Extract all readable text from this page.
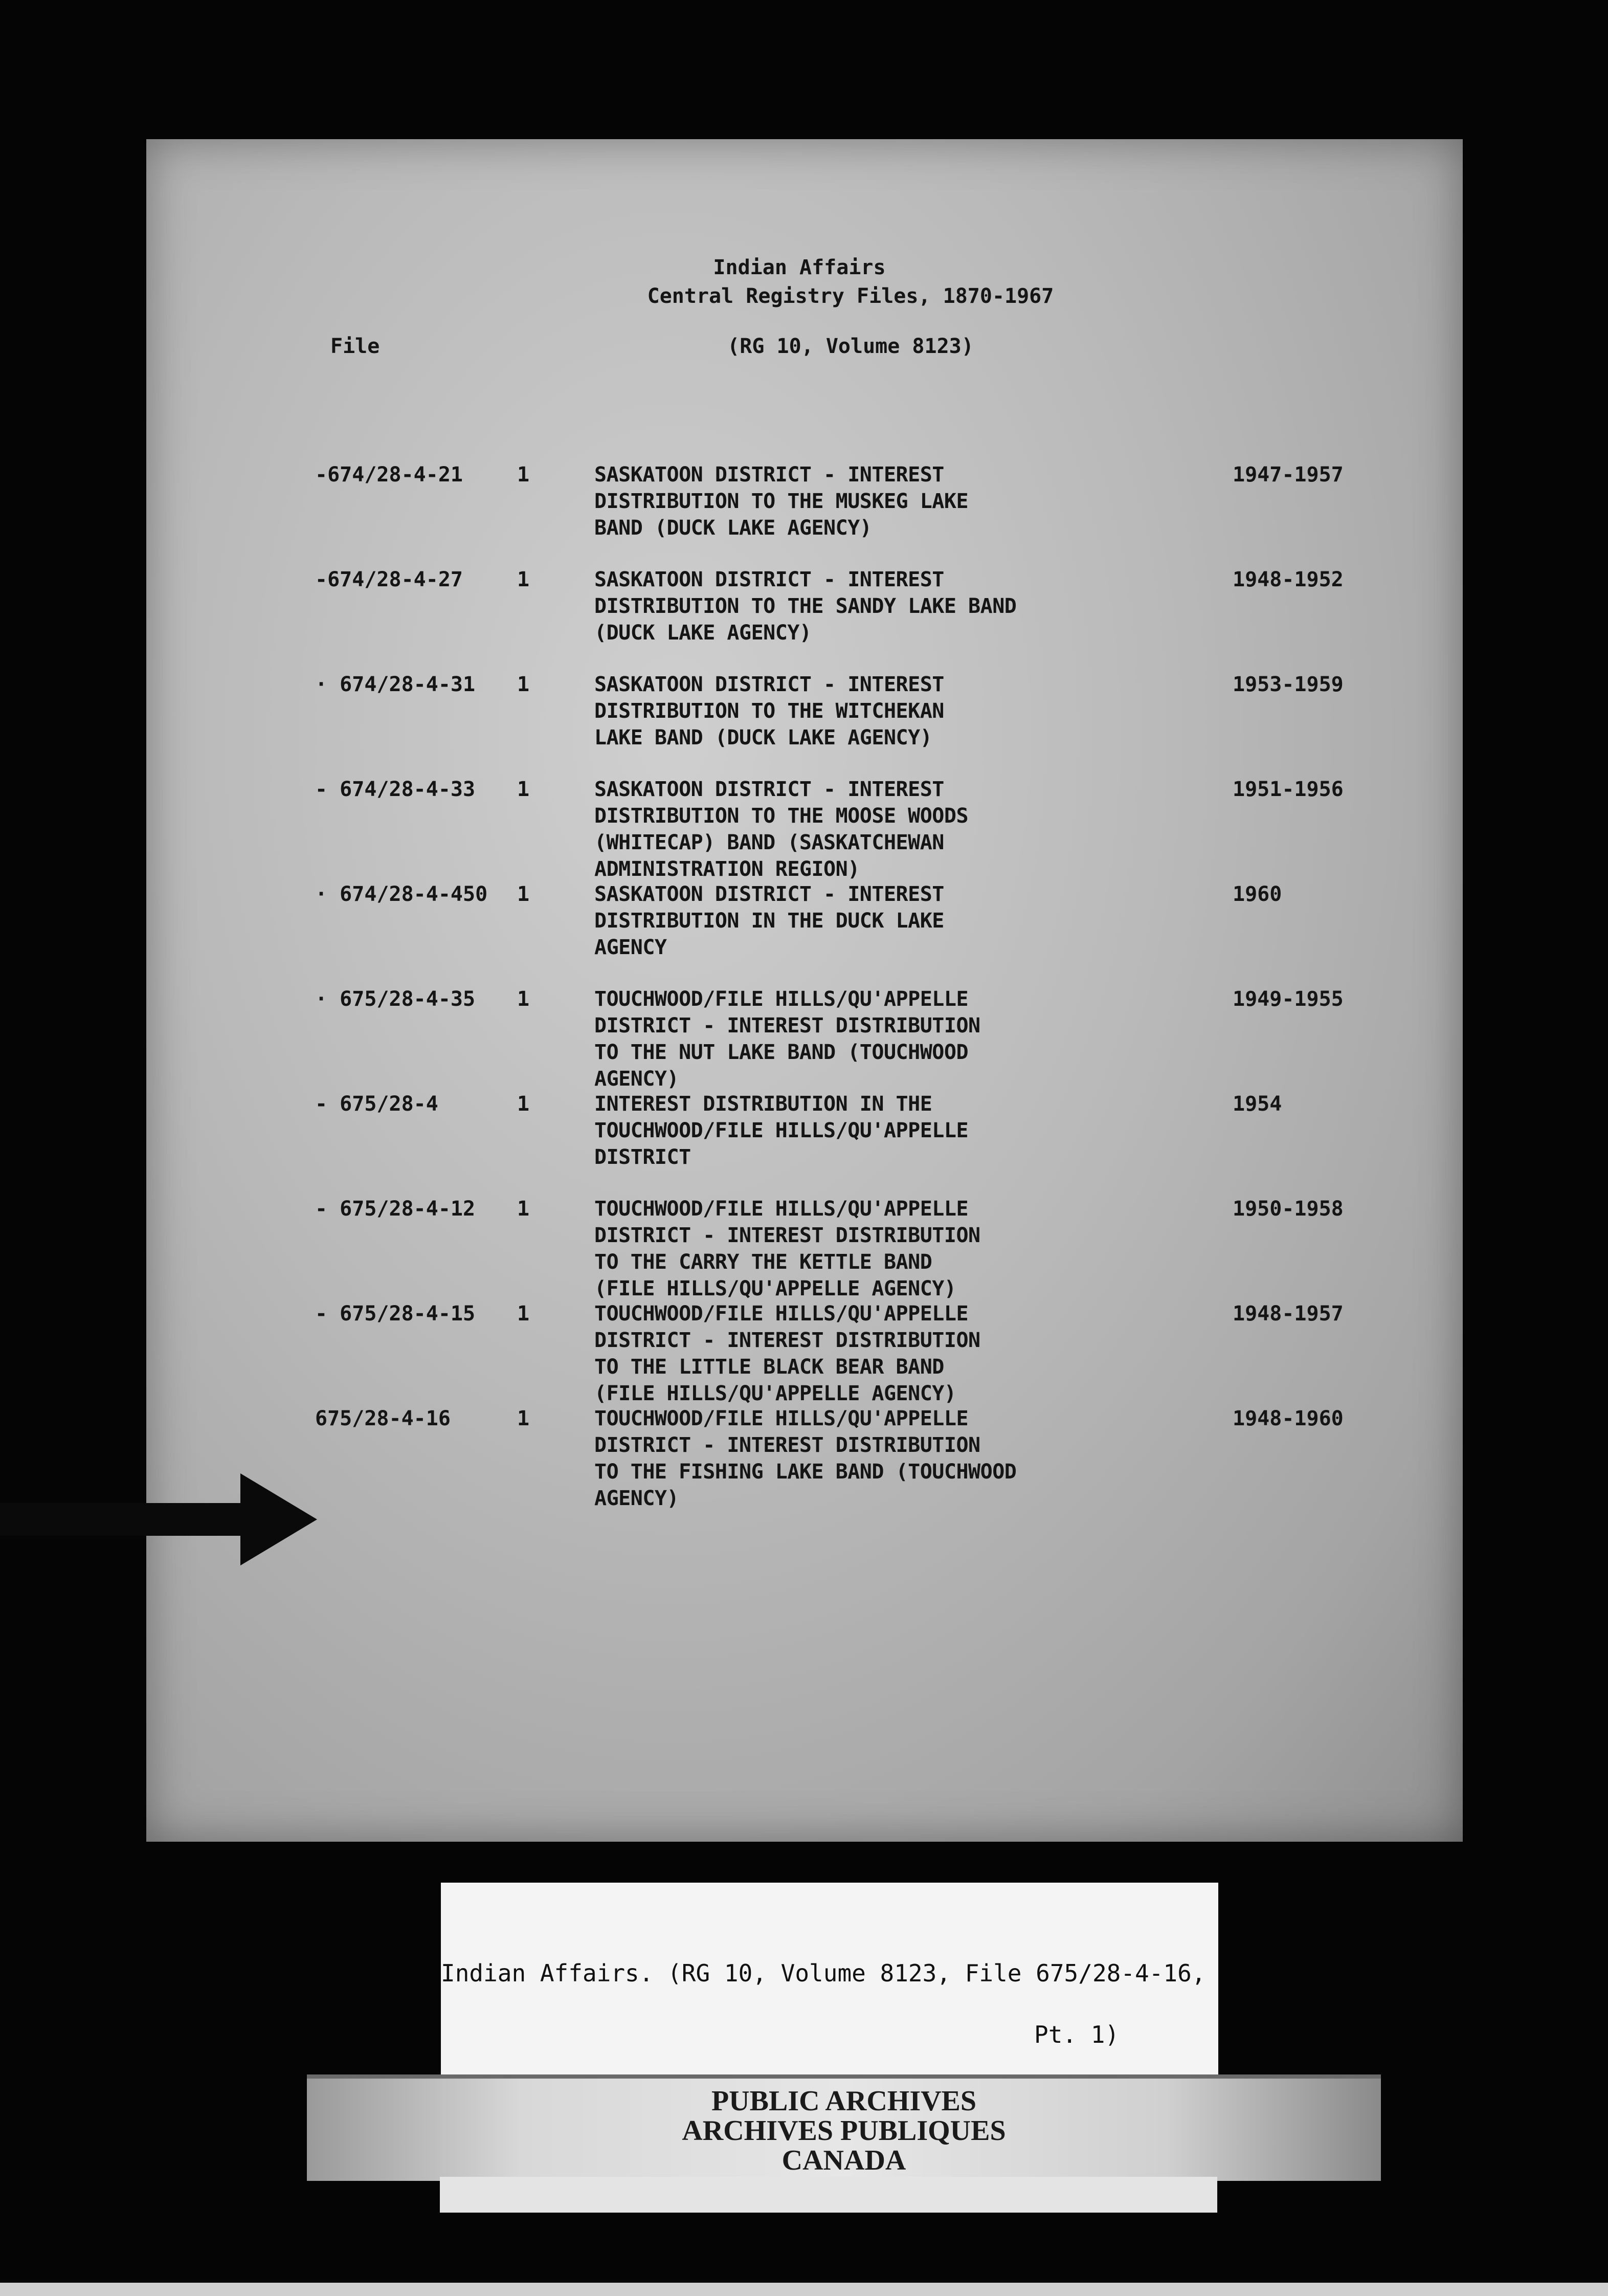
Indian Affairs
Central Registry Files, 1870-1967
File	(RG 10, Volume 8123)
-674/28-4-21	1	SASKATOON DISTRICT - INTEREST
DISTRIBUTION TO THE MUSKEG LAKE
BAND (DUCK LAKE AGENCY)
1947-1957
-674/28-4-27	1	SASKATOON DISTRICT - INTEREST
DISTRIBUTION TO THE SANDY LAKE BAND
(DUCK LAKE AGENCY)
1948-1952
· 674/28-4-31 1	SASKATOON DISTRICT - INTEREST
DISTRIBUTION TO THE WITCHEKAN
LAKE BAND (DUCK LAKE AGENCY)
1953-1959
- 674/28-4-33 1	SASKATOON DISTRICT - INTEREST
DISTRIBUTION TO THE MOOSE WOODS
(WHITECAP) BAND (SASKATCHEWAN
ADMINISTRATION REGION)
1951-1956
· 674/28-4-450 1	SASKATOON DISTRICT - INTEREST
DISTRIBUTION IN THE DUCK LAKE
AGENCY
1960
· 675/28-4-35 1	TOUCHWOOD/FILE HILLS/QU'APPELLE
DISTRICT - INTEREST DISTRIBUTION
TO THE NUT LAKE BAND (TOUCHWOOD
AGENCY)
1949-1955
- 675/28-4	1	INTEREST DISTRIBUTION IN THE
TOUCHWOOD/FILE HILLS/QU'APPELLE
DISTRICT
1954
- 675/28-4-12 1	TOUCHWOOD/FILE HILLS/QU'APPELLE
DISTRICT - INTEREST DISTRIBUTION
TO THE CARRY THE KETTLE BAND
(FILE HILLS/QU'APPELLE AGENCY)
1950-1958
- 675/28-4-15 1	TOUCHWOOD/FILE HILLS/QU'APPELLE
DISTRICT - INTEREST DISTRIBUTION
TO THE LITTLE BLACK BEAR BAND
(FILE HILLS/QU'APPELLE AGENCY)
1948-1957
675/28-4-16	1	TOUCHWOOD/FILE HILLS/QU'APPELLE
DISTRICT - INTEREST DISTRIBUTION
TO THE FISHING LAKE BAND (TOUCHWOOD
AGENCY)
1948-1960
Indian Affairs. (RG 10, Volume 8123, File 675/28-4-16,
Pt. 1)
PUBLIC ARCHIVES
ARCHIVES PUBLIQUES
CANADA
